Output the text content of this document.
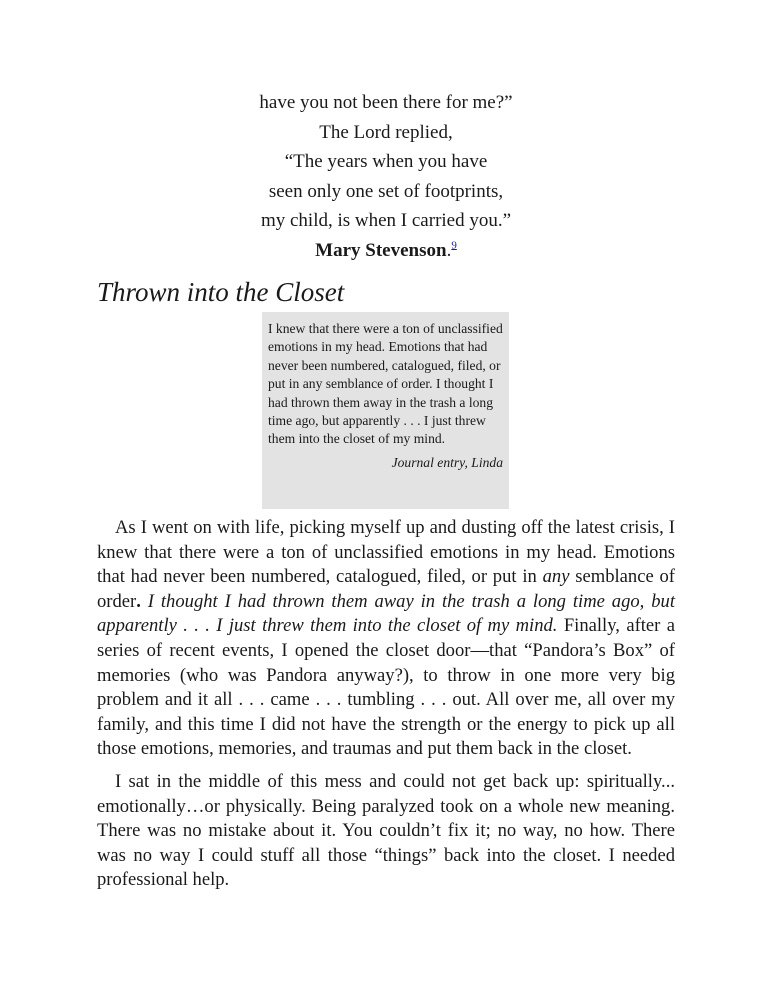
have you not been there for me?”
The Lord replied,
“The years when you have
seen only one set of footprints,
my child, is when I carried you.”
Mary Stevenson.$^9$
Thrown into the Closet
I knew that there were a ton of unclassified emotions in my head. Emotions that had never been numbered, catalogued, filed, or put in any semblance of order. I thought I had thrown them away in the trash a long time ago, but apparently . . . I just threw them into the closet of my mind.
Journal entry, Linda

As I went on with life, picking myself up and dusting off the latest crisis, I knew that there were a ton of unclassified emotions in my head. Emotions that had never been numbered, catalogued, filed, or put in any semblance of order. I thought I had thrown them away in the trash a long time ago, but apparently . . . I just threw them into the closet of my mind. Finally, after a series of recent events, I opened the closet door—that “Pandora’s Box” of memories (who was Pandora anyway?), to throw in one more very big problem and it all . . . came . . . tumbling . . . out. All over me, all over my family, and this time I did not have the strength or the energy to pick up all those emotions, memories, and traumas and put them back in the closet.

I sat in the middle of this mess and could not get back up: spiritually... emotionally…or physically. Being paralyzed took on a whole new meaning. There was no mistake about it. You couldn’t fix it; no way, no how. There was no way I could stuff all those “things” back into the closet. I needed professional help.
